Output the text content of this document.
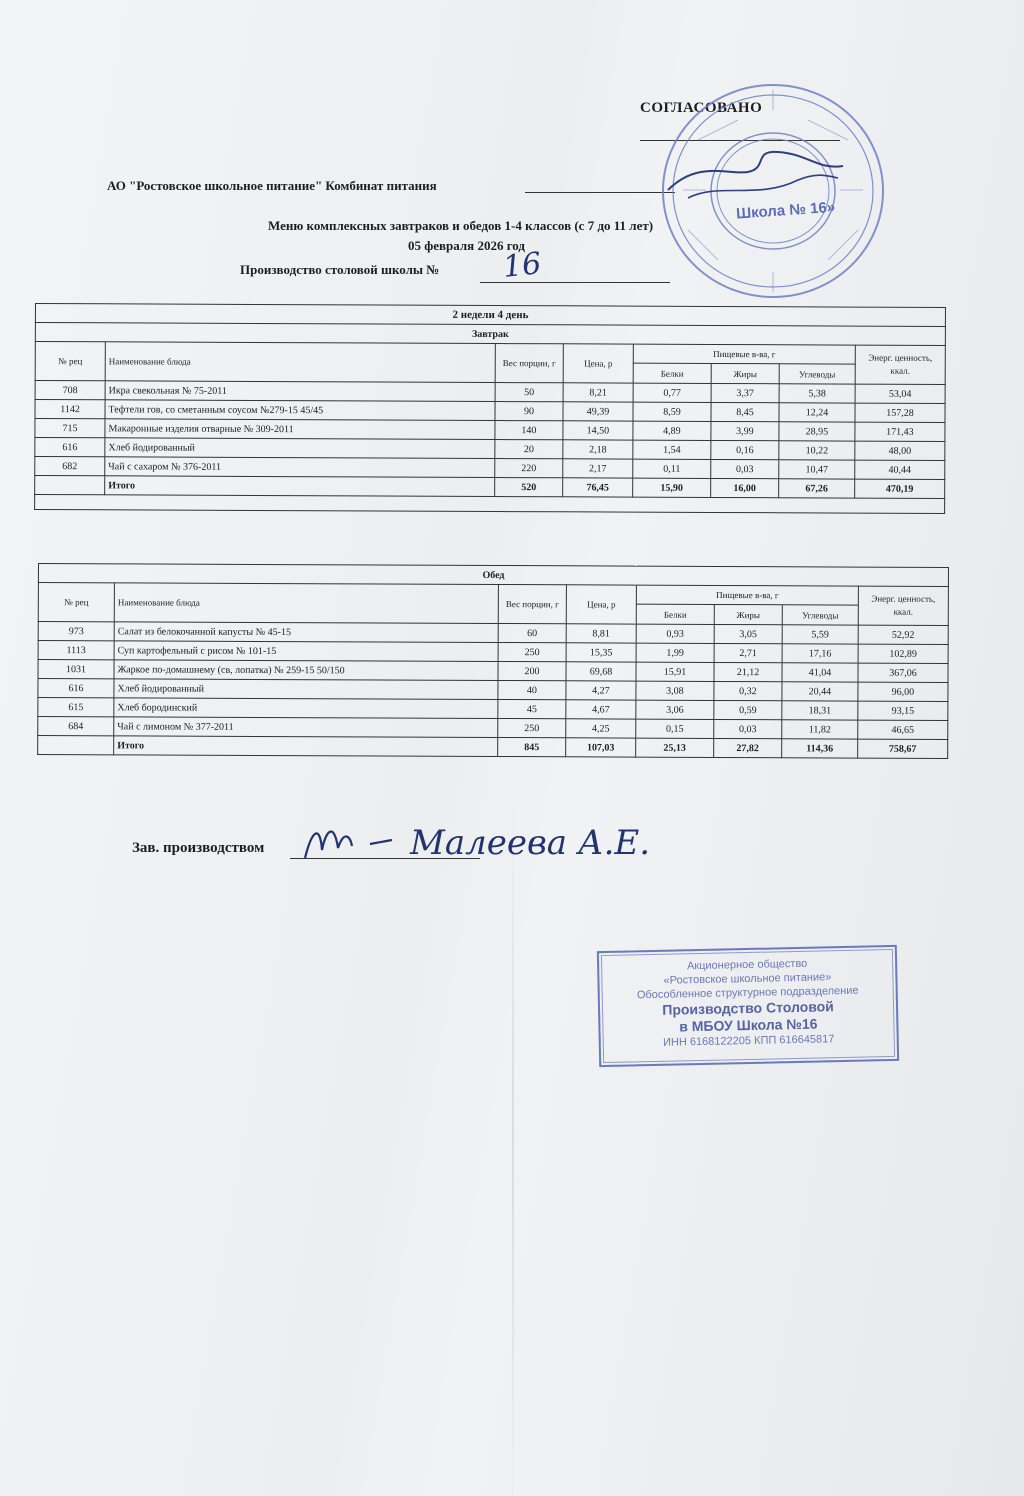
СОГЛАСОВАНО
АО "Ростовское школьное питание" Комбинат питания
Меню комплексных завтраков и обедов 1-4 классов (с 7 до 11 лет)
05 февраля 2026 год
Производство столовой школы № 16
Школа № 16»
2 недели 4 день							
Завтрак							
№ рец	Наименование блюда	Вес порции, г	Цена, р	Пищевые в-ва, г			Энерг. ценность, ккал.
				Белки	Жиры	Углеводы	
708	Икра свекольная № 75-2011	50	8,21	0,77	3,37	5,38	53,04
1142	Тефтели гов, со сметанным соусом №279-15 45/45	90	49,39	8,59	8,45	12,24	157,28
715	Макаронные изделия отварные № 309-2011	140	14,50	4,89	3,99	28,95	171,43
616	Хлеб йодированный	20	2,18	1,54	0,16	10,22	48,00
682	Чай с сахаром № 376-2011	220	2,17	0,11	0,03	10,47	40,44
	Итого	520	76,45	15,90	16,00	67,26	470,19

Обед							
№ рец	Наименование блюда	Вес порции, г	Цена, р	Пищевые в-ва, г			Энерг. ценность, ккал.
				Белки	Жиры	Углеводы	
973	Салат из белокочанной капусты № 45-15	60	8,81	0,93	3,05	5,59	52,92
1113	Суп картофельный с рисом № 101-15	250	15,35	1,99	2,71	17,16	102,89
1031	Жаркое по-домашнему (св, лопатка) № 259-15 50/150	200	69,68	15,91	21,12	41,04	367,06
616	Хлеб йодированный	40	4,27	3,08	0,32	20,44	96,00
615	Хлеб бородинский	45	4,67	3,06	0,59	18,31	93,15
684	Чай с лимоном № 377-2011	250	4,25	0,15	0,03	11,82	46,65
	Итого	845	107,03	25,13	27,82	114,36	758,67
Зав. производством	Малеева А.Е.
Акционерное общество
«Ростовское школьное питание»
Обособленное структурное подразделение
Производство Столовой
в МБОУ Школа №16
ИНН 6168122205 КПП 616645817
